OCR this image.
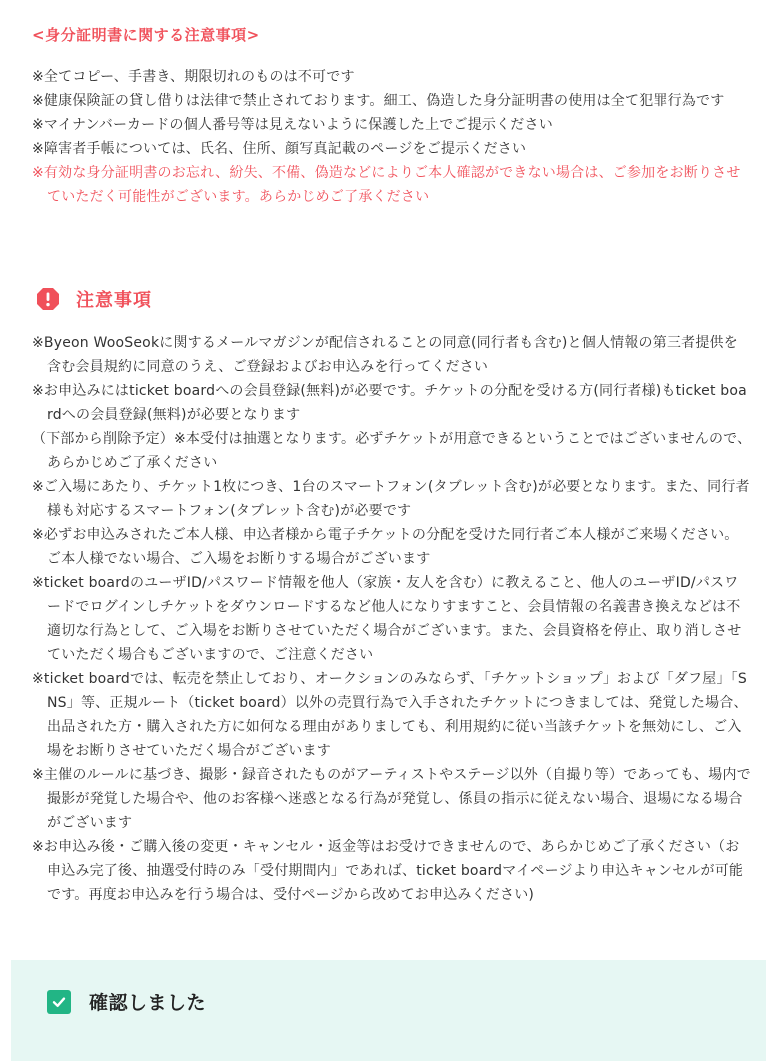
<身分証明書に関する注意事項>
※全てコピー、手書き、期限切れのものは不可です
※健康保険証の貸し借りは法律で禁止されております。細工、偽造した身分証明書の使用は全て犯罪行為です
※マイナンバーカードの個人番号等は見えないように保護した上でご提示ください
※障害者手帳については、氏名、住所、顔写真記載のページをご提示ください
※有効な身分証明書のお忘れ、紛失、不備、偽造などによりご本人確認ができない場合は、ご参加をお断りさせていただく可能性がございます。あらかじめご了承ください
注意事項
※Byeon WooSeokに関するメールマガジンが配信されることの同意(同行者も含む)と個人情報の第三者提供を含む会員規約に同意のうえ、ご登録およびお申込みを行ってください
※お申込みにはticket boardへの会員登録(無料)が必要です。チケットの分配を受ける方(同行者様)もticket boardへの会員登録(無料)が必要となります
（下部から削除予定）※本受付は抽選となります。必ずチケットが用意できるということではございませんので、あらかじめご了承ください
※ご入場にあたり、チケット1枚につき、1台のスマートフォン(タブレット含む)が必要となります。また、同行者様も対応するスマートフォン(タブレット含む)が必要です
※必ずお申込みされたご本人様、申込者様から電子チケットの分配を受けた同行者ご本人様がご来場ください。ご本人様でない場合、ご入場をお断りする場合がございます
※ticket boardのユーザID/パスワード情報を他人（家族・友人を含む）に教えること、他人のユーザID/パスワードでログインしチケットをダウンロードするなど他人になりすますこと、会員情報の名義書き換えなどは不適切な行為として、ご入場をお断りさせていただく場合がございます。また、会員資格を停止、取り消しさせていただく場合もございますので、ご注意ください
※ticket boardでは、転売を禁止しており、オークションのみならず、「チケットショップ」および「ダフ屋」「SNS」等、正規ルート（ticket board）以外の売買行為で入手されたチケットにつきましては、発覚した場合、出品された方・購入された方に如何なる理由がありましても、利用規約に従い当該チケットを無効にし、ご入場をお断りさせていただく場合がございます
※主催のルールに基づき、撮影・録音されたものがアーティストやステージ以外（自撮り等）であっても、場内で撮影が発覚した場合や、他のお客様へ迷惑となる行為が発覚し、係員の指示に従えない場合、退場になる場合がございます
※お申込み後・ご購入後の変更・キャンセル・返金等はお受けできませんので、あらかじめご了承ください（お申込み完了後、抽選受付時のみ「受付期間内」であれば、ticket boardマイページより申込キャンセルが可能です。再度お申込みを行う場合は、受付ページから改めてお申込みください)
確認しました
